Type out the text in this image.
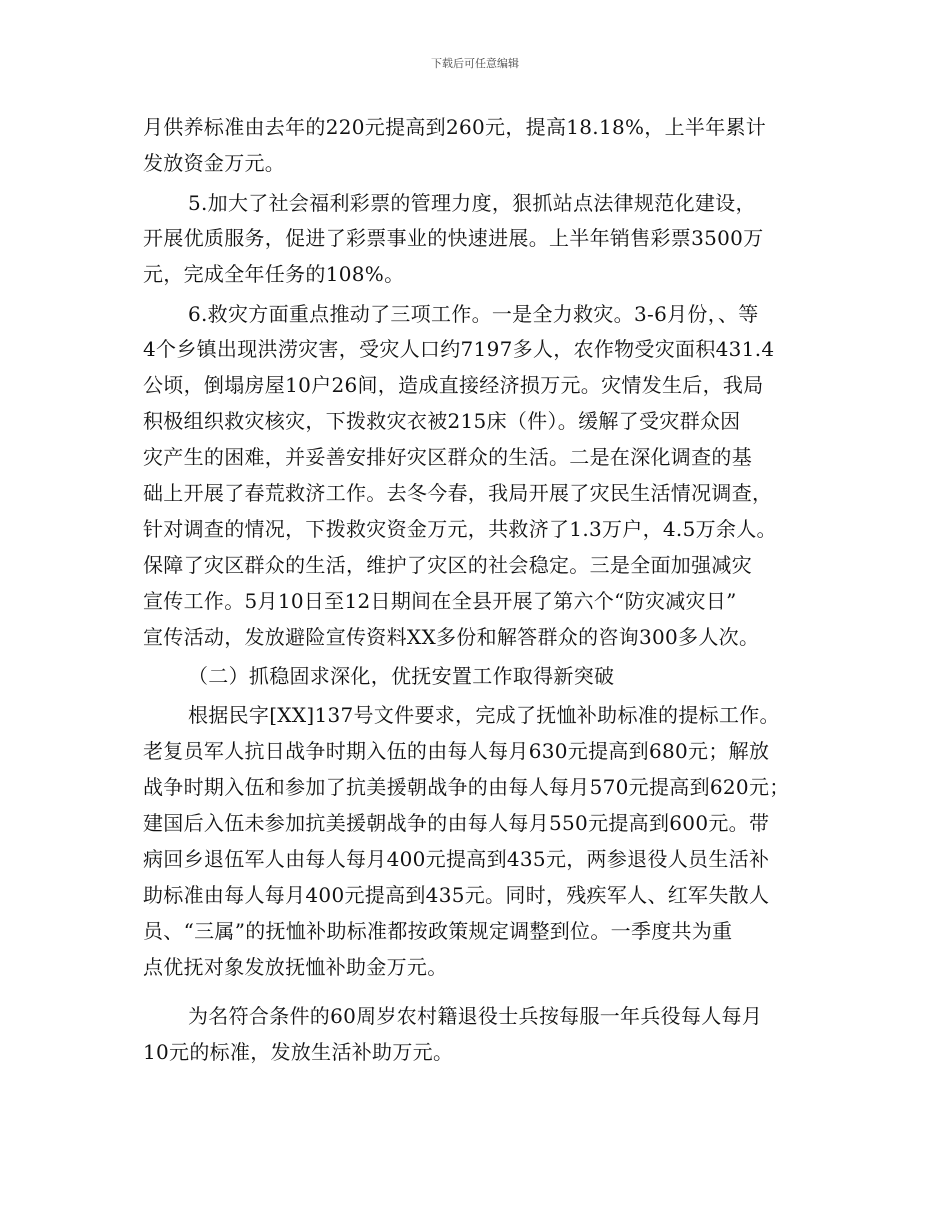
下载后可任意编辑
月供养标准由去年的220元提高到260元，提高18.18%，上半年累计
发放资金万元。
5.加大了社会福利彩票的管理力度，狠抓站点法律规范化建设，
开展优质服务，促进了彩票事业的快速进展。上半年销售彩票3500万
元，完成全年任务的108%。
6.救灾方面重点推动了三项工作。一是全力救灾。3-6月份，、等
4个乡镇出现洪涝灾害，受灾人口约7197多人，农作物受灾面积431.4
公顷，倒塌房屋10户26间，造成直接经济损万元。灾情发生后，我局
积极组织救灾核灾，下拨救灾衣被215床（件）。缓解了受灾群众因
灾产生的困难，并妥善安排好灾区群众的生活。二是在深化调查的基
础上开展了春荒救济工作。去冬今春，我局开展了灾民生活情况调查，
针对调查的情况，下拨救灾资金万元，共救济了1.3万户，4.5万余人。
保障了灾区群众的生活，维护了灾区的社会稳定。三是全面加强减灾
宣传工作。5月10日至12日期间在全县开展了第六个“防灾减灾日”
宣传活动，发放避险宣传资料XX多份和解答群众的咨询300多人次。
（二）抓稳固求深化，优抚安置工作取得新突破
根据民字[XX]137号文件要求，完成了抚恤补助标准的提标工作。
老复员军人抗日战争时期入伍的由每人每月630元提高到680元；解放
战争时期入伍和参加了抗美援朝战争的由每人每月570元提高到620元；
建国后入伍未参加抗美援朝战争的由每人每月550元提高到600元。带
病回乡退伍军人由每人每月400元提高到435元，两参退役人员生活补
助标准由每人每月400元提高到435元。同时，残疾军人、红军失散人
员、“三属”的抚恤补助标准都按政策规定调整到位。一季度共为重
点优抚对象发放抚恤补助金万元。
为名符合条件的60周岁农村籍退役士兵按每服一年兵役每人每月
10元的标准，发放生活补助万元。
